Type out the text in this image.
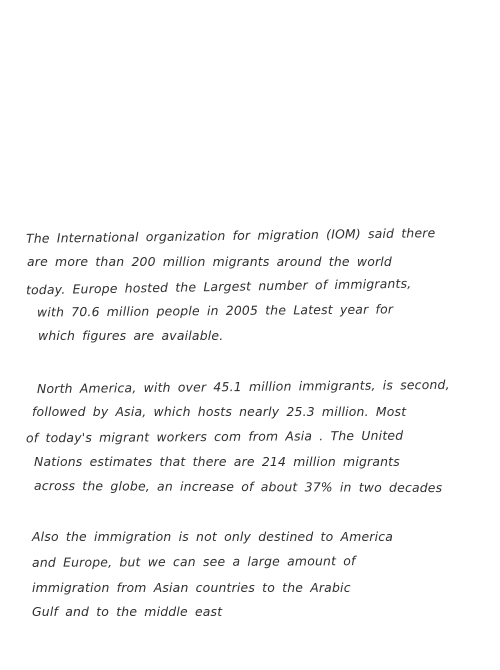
The International organization for migration (IOM) said there
are more than 200 million migrants around the world
today. Europe hosted the Largest number of immigrants,
with 70.6 million people in 2005 the Latest year for
which figures are available.
North America, with over 45.1 million immigrants, is second,
followed by Asia, which hosts nearly 25.3 million. Most
of today's migrant workers com from Asia . The United
Nations estimates that there are 214 million migrants
across the globe, an increase of about 37% in two decades
Also the immigration is not only destined to America
and Europe, but we can see a large amount of
immigration from Asian countries to the Arabic
Gulf and to the middle east
